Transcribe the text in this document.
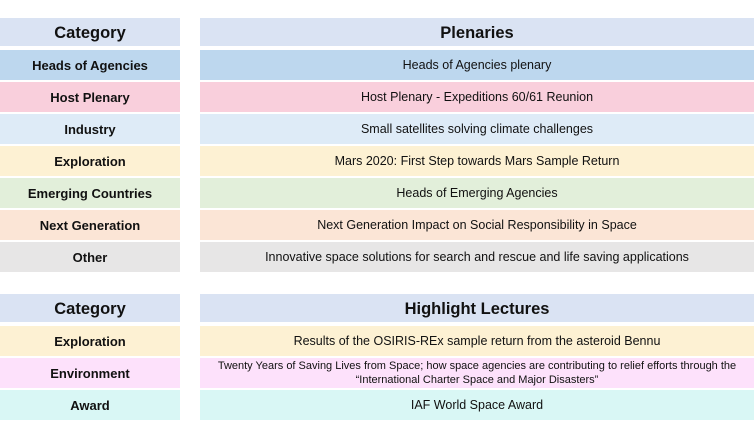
Category	Plenaries
Heads of Agencies	Heads of Agencies plenary
Host Plenary	Host Plenary - Expeditions 60/61 Reunion
Industry	Small satellites solving climate challenges
Exploration	Mars 2020: First Step towards Mars Sample Return
Emerging Countries	Heads of Emerging Agencies
Next Generation	Next Generation Impact on Social Responsibility in Space
Other	Innovative space solutions for search and rescue and life saving applications
Category	Highlight Lectures
Exploration	Results of the OSIRIS-REx sample return from the asteroid Bennu
Environment	Twenty Years of Saving Lives from Space; how space agencies are contributing to relief efforts through the
“International Charter Space and Major Disasters”
Award	IAF World Space Award
